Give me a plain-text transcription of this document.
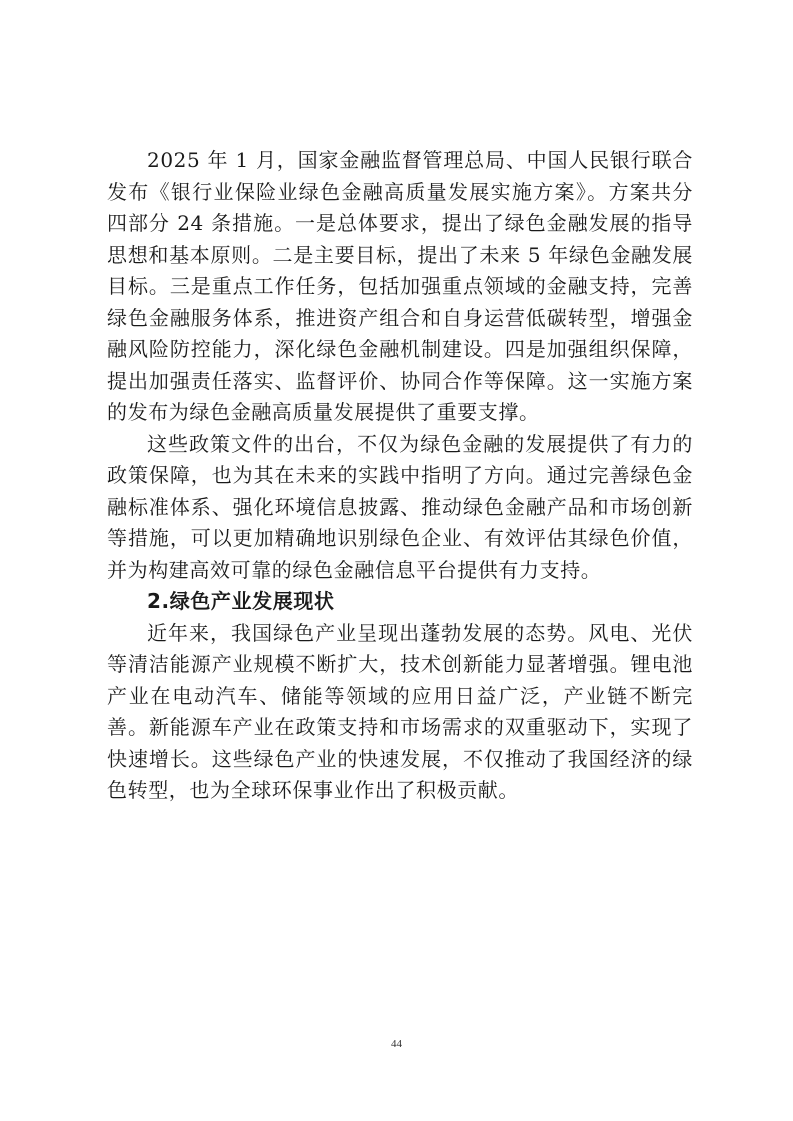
2025 年 1 月，国家金融监督管理总局、中国人民银行联合发布《银行业保险业绿色金融高质量发展实施方案》。方案共分四部分 24 条措施。一是总体要求，提出了绿色金融发展的指导思想和基本原则。二是主要目标，提出了未来 5 年绿色金融发展目标。三是重点工作任务，包括加强重点领域的金融支持，完善绿色金融服务体系，推进资产组合和自身运营低碳转型，增强金融风险防控能力，深化绿色金融机制建设。四是加强组织保障，提出加强责任落实、监督评价、协同合作等保障。这一实施方案的发布为绿色金融高质量发展提供了重要支撑。

这些政策文件的出台，不仅为绿色金融的发展提供了有力的政策保障，也为其在未来的实践中指明了方向。通过完善绿色金融标准体系、强化环境信息披露、推动绿色金融产品和市场创新等措施，可以更加精确地识别绿色企业、有效评估其绿色价值，并为构建高效可靠的绿色金融信息平台提供有力支持。

2.绿色产业发展现状

近年来，我国绿色产业呈现出蓬勃发展的态势。风电、光伏等清洁能源产业规模不断扩大，技术创新能力显著增强。锂电池产业在电动汽车、储能等领域的应用日益广泛，产业链不断完善。新能源车产业在政策支持和市场需求的双重驱动下，实现了快速增长。这些绿色产业的快速发展，不仅推动了我国经济的绿色转型，也为全球环保事业作出了积极贡献。

44
